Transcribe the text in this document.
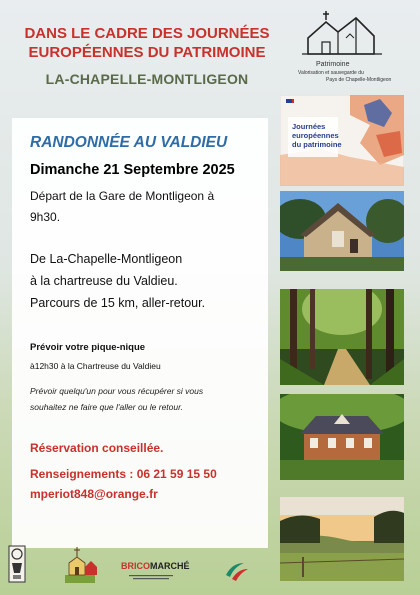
DANS LE CADRE DES JOURNÉES
EUROPÉENNES DU PATRIMOINE
LA-CHAPELLE-MONTLIGEON
Patrimoine
Valorisation et sauvegarde du
Pays de Chapelle-Montligeon
RANDONNÉE AU VALDIEU
Dimanche 21 Septembre 2025
Départ de la Gare de Montligeon à
9h30.
De La-Chapelle-Montligeon
à la chartreuse du Valdieu.
Parcours de 15 km, aller-retour.
Prévoir votre pique-nique
à12h30 à la Chartreuse du Valdieu
Prévoir quelqu'un pour vous récupérer si vous
souhaitez ne faire que l'aller ou le retour.
Réservation conseillée.
Renseignements : 06 21 59 15 50
mperiot848@orange.fr
Journées
européennes
du patrimoine
BRICOMARCHÉ
